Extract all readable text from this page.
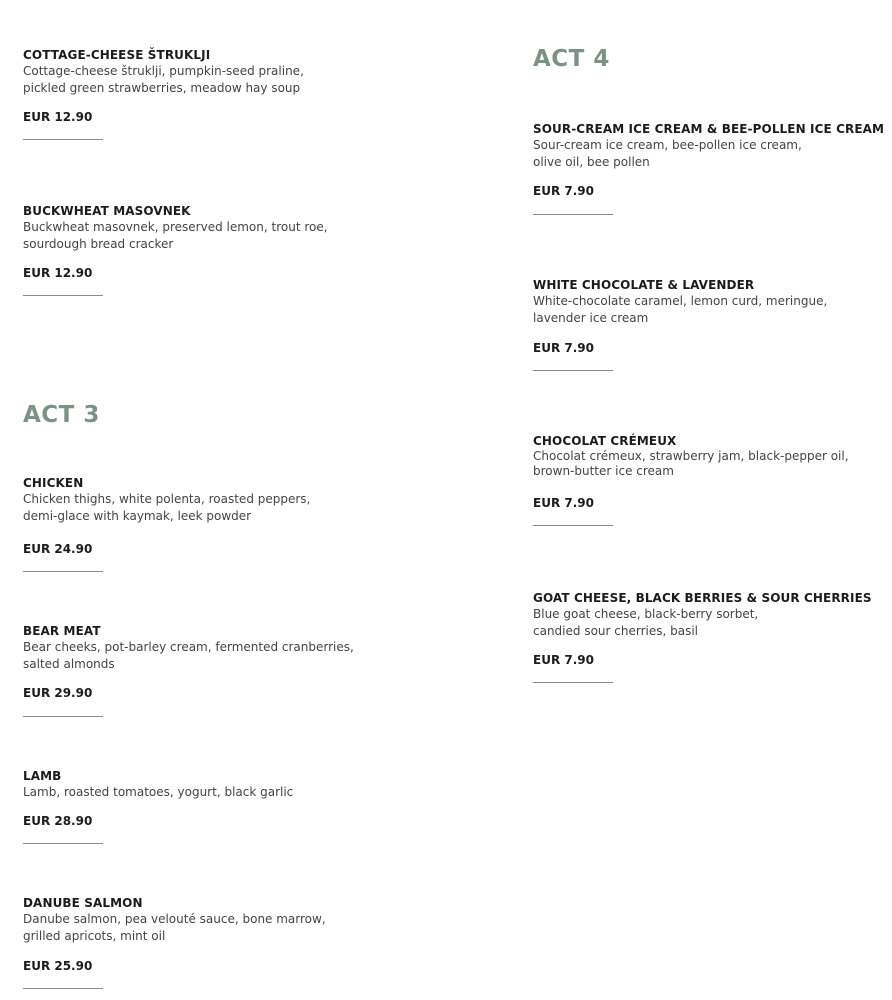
COTTAGE-CHEESE ŠTRUKLJI
Cottage-cheese štruklji, pumpkin-seed praline,
pickled green strawberries, meadow hay soup
EUR 12.90
BUCKWHEAT MASOVNEK
Buckwheat masovnek, preserved lemon, trout roe,
sourdough bread cracker
EUR 12.90
ACT 3
CHICKEN
Chicken thighs, white polenta, roasted peppers,
demi-glace with kaymak, leek powder
EUR 24.90
BEAR MEAT
Bear cheeks, pot-barley cream, fermented cranberries,
salted almonds
EUR 29.90
LAMB
Lamb, roasted tomatoes, yogurt, black garlic
EUR 28.90
DANUBE SALMON
Danube salmon, pea velouté sauce, bone marrow,
grilled apricots, mint oil
EUR 25.90
ACT 4
SOUR-CREAM ICE CREAM & BEE-POLLEN ICE CREAM
Sour-cream ice cream, bee-pollen ice cream,
olive oil, bee pollen
EUR 7.90
WHITE CHOCOLATE & LAVENDER
White-chocolate caramel, lemon curd, meringue,
lavender ice cream
EUR 7.90
CHOCOLAT CRÉMEUX
Chocolat crémeux, strawberry jam, black-pepper oil,
brown-butter ice cream
EUR 7.90
GOAT CHEESE, BLACK BERRIES & SOUR CHERRIES
Blue goat cheese, black-berry sorbet,
candied sour cherries, basil
EUR 7.90
